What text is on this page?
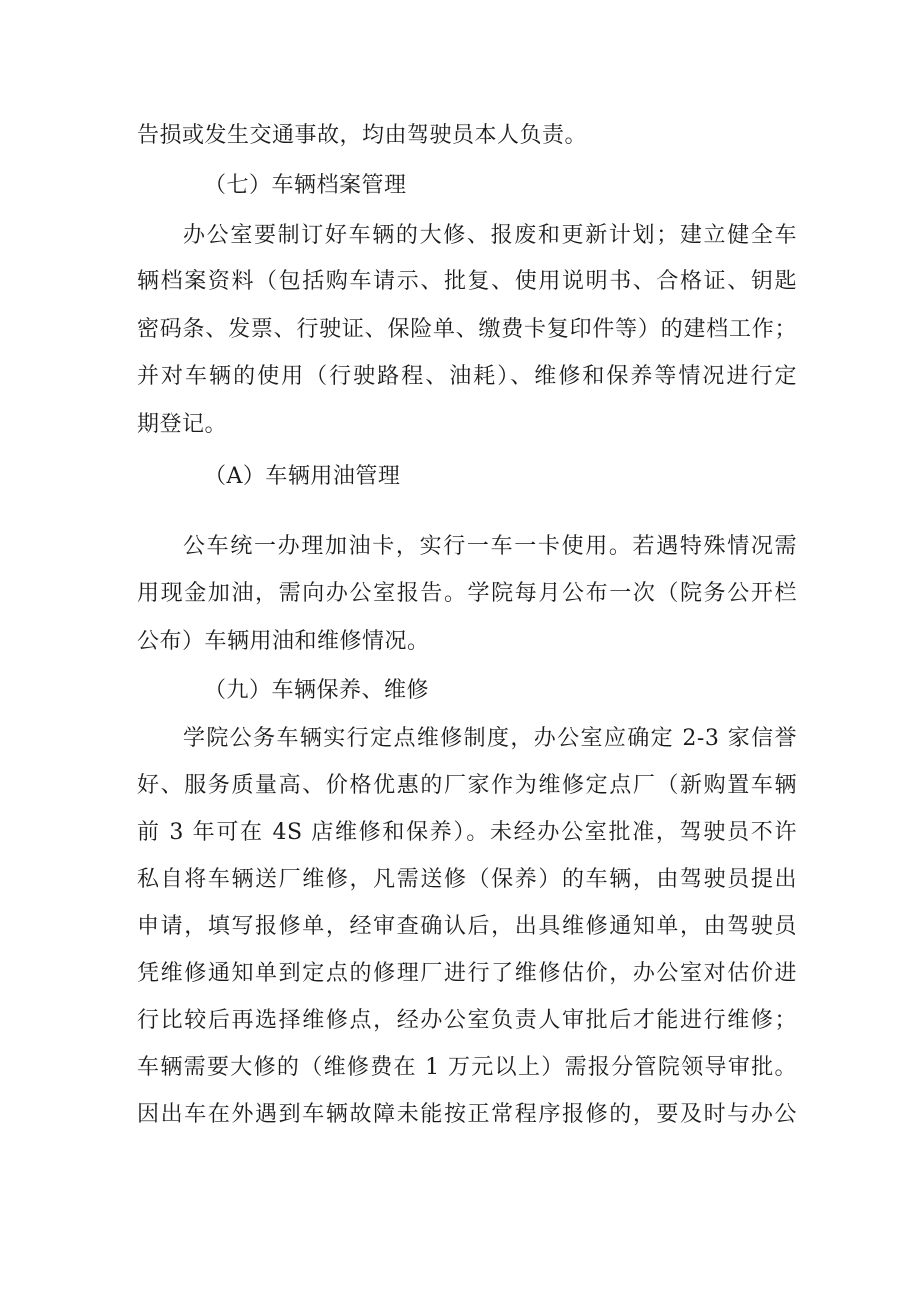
告损或发生交通事故，均由驾驶员本人负责。
（七）车辆档案管理
办公室要制订好车辆的大修、报废和更新计划；建立健全车
辆档案资料（包括购车请示、批复、使用说明书、合格证、钥匙
密码条、发票、行驶证、保险单、缴费卡复印件等）的建档工作；
并对车辆的使用（行驶路程、油耗）、维修和保养等情况进行定
期登记。
（A）车辆用油管理
公车统一办理加油卡，实行一车一卡使用。若遇特殊情况需
用现金加油，需向办公室报告。学院每月公布一次（院务公开栏
公布）车辆用油和维修情况。
（九）车辆保养、维修
学院公务车辆实行定点维修制度，办公室应确定 2-3 家信誉
好、服务质量高、价格优惠的厂家作为维修定点厂（新购置车辆
前 3 年可在 4S 店维修和保养）。未经办公室批准，驾驶员不许
私自将车辆送厂维修，凡需送修（保养）的车辆，由驾驶员提出
申请，填写报修单，经审查确认后，出具维修通知单，由驾驶员
凭维修通知单到定点的修理厂进行了维修估价，办公室对估价进
行比较后再选择维修点，经办公室负责人审批后才能进行维修；
车辆需要大修的（维修费在 1 万元以上）需报分管院领导审批。
因出车在外遇到车辆故障未能按正常程序报修的，要及时与办公
